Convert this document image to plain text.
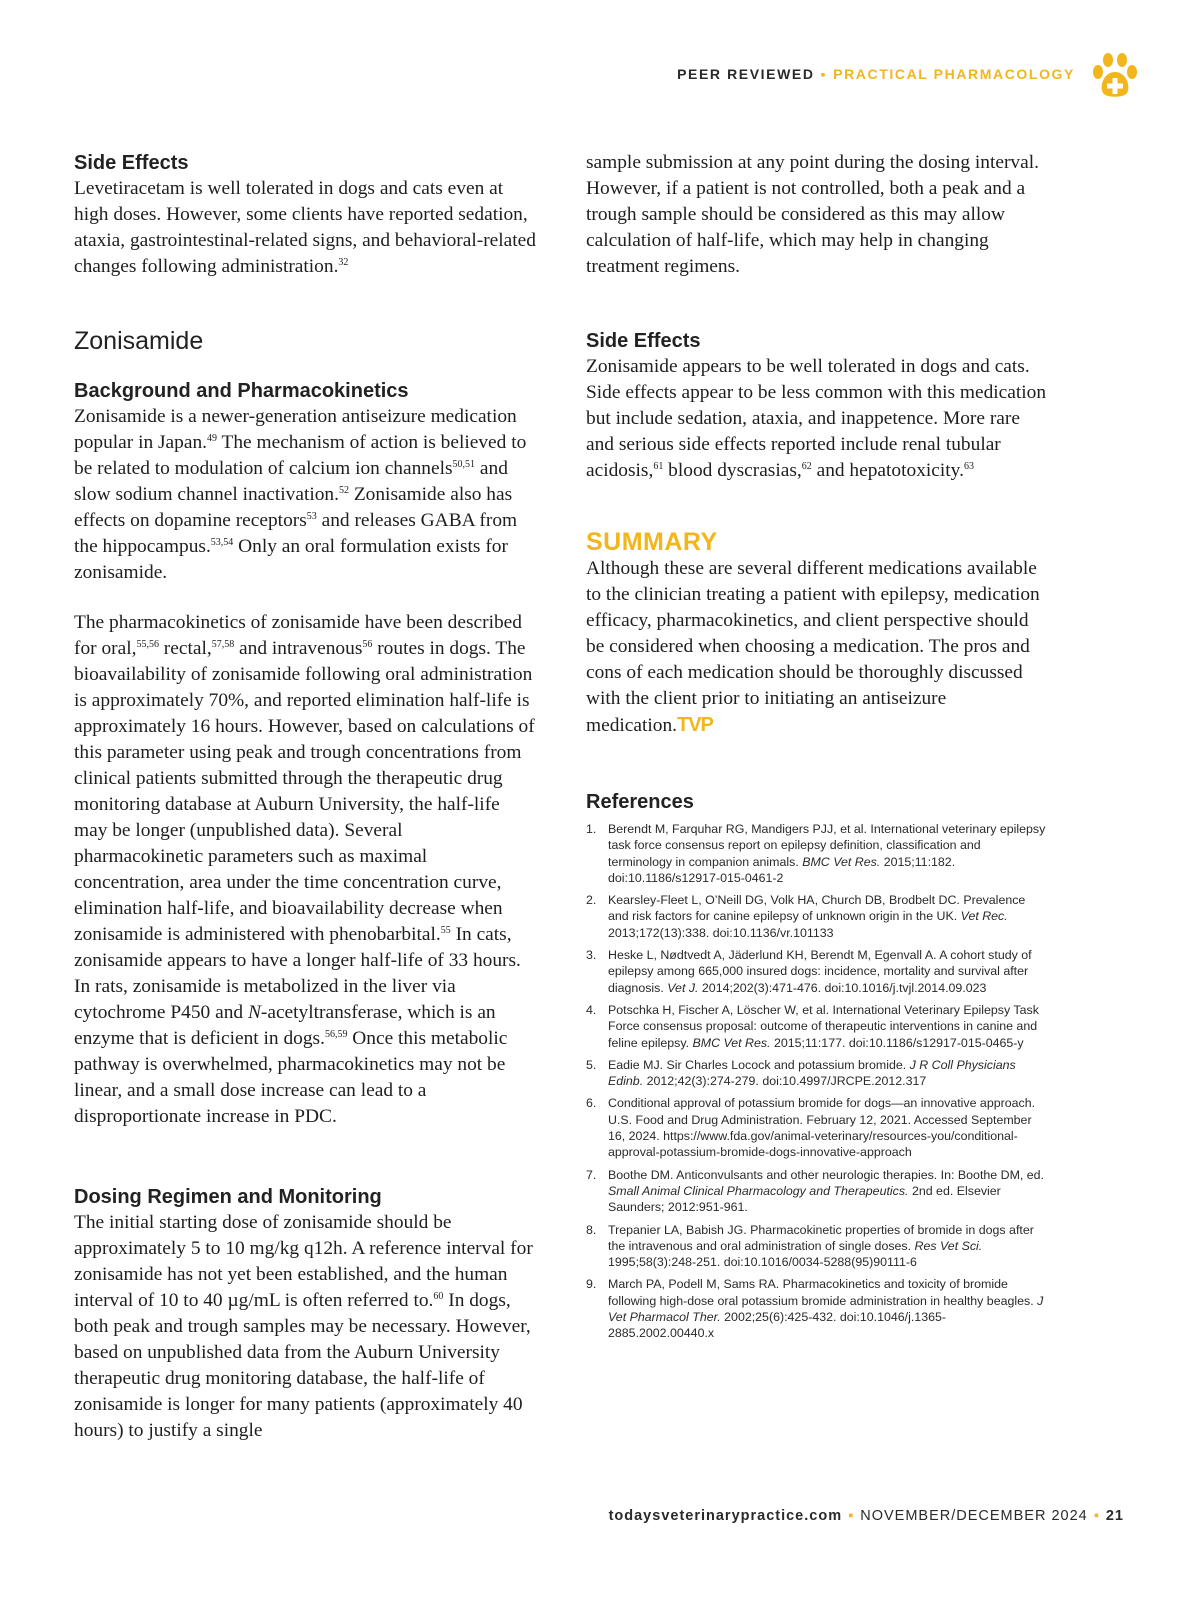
PEER REVIEWED ▪ PRACTICAL PHARMACOLOGY
Side Effects

Levetiracetam is well tolerated in dogs and cats even at high doses. However, some clients have reported sedation, ataxia, gastrointestinal-related signs, and behavioral-related changes following administration.$^{32}$

Zonisamide
Background and Pharmacokinetics

Zonisamide is a newer-generation antiseizure medication popular in Japan.$^{49}$ The mechanism of action is believed to be related to modulation of calcium ion channels$^{50,51}$ and slow sodium channel inactivation.$^{52}$ Zonisamide also has effects on dopamine receptors$^{53}$ and releases GABA from the hippocampus.$^{53,54}$ Only an oral formulation exists for zonisamide.

The pharmacokinetics of zonisamide have been described for oral,$^{55,56}$ rectal,$^{57,58}$ and intravenous$^{56}$ routes in dogs. The bioavailability of zonisamide following oral administration is approximately 70%, and reported elimination half-life is approximately 16 hours. However, based on calculations of this parameter using peak and trough concentrations from clinical patients submitted through the therapeutic drug monitoring database at Auburn University, the half-life may be longer (unpublished data). Several pharmacokinetic parameters such as maximal concentration, area under the time concentration curve, elimination half-life, and bioavailability decrease when zonisamide is administered with phenobarbital.$^{55}$ In cats, zonisamide appears to have a longer half-life of 33 hours. In rats, zonisamide is metabolized in the liver via cytochrome P450 and N-acetyltransferase, which is an enzyme that is deficient in dogs.$^{56,59}$ Once this metabolic pathway is overwhelmed, pharmacokinetics may not be linear, and a small dose increase can lead to a disproportionate increase in PDC.

Dosing Regimen and Monitoring

The initial starting dose of zonisamide should be approximately 5 to 10 mg/kg q12h. A reference interval for zonisamide has not yet been established, and the human interval of 10 to 40 µg/mL is often referred to.$^{60}$ In dogs, both peak and trough samples may be necessary. However, based on unpublished data from the Auburn University therapeutic drug monitoring database, the half-life of zonisamide is longer for many patients (approximately 40 hours) to justify a single

sample submission at any point during the dosing interval. However, if a patient is not controlled, both a peak and a trough sample should be considered as this may allow calculation of half-life, which may help in changing treatment regimens.

Side Effects

Zonisamide appears to be well tolerated in dogs and cats. Side effects appear to be less common with this medication but include sedation, ataxia, and inappetence. More rare and serious side effects reported include renal tubular acidosis,$^{61}$ blood dyscrasias,$^{62}$ and hepatotoxicity.$^{63}$

SUMMARY

Although these are several different medications available to the clinician treating a patient with epilepsy, medication efficacy, pharmacokinetics, and client perspective should be considered when choosing a medication. The pros and cons of each medication should be thoroughly discussed with the client prior to initiating an antiseizure medication.TVP

References
1. Berendt M, Farquhar RG, Mandigers PJJ, et al. International veterinary epilepsy task force consensus report on epilepsy definition, classification and terminology in companion animals. BMC Vet Res. 2015;11:182. doi:10.1186/s12917-015-0461-2
2. Kearsley-Fleet L, O’Neill DG, Volk HA, Church DB, Brodbelt DC. Prevalence and risk factors for canine epilepsy of unknown origin in the UK. Vet Rec. 2013;172(13):338. doi:10.1136/vr.101133
3. Heske L, Nødtvedt A, Jäderlund KH, Berendt M, Egenvall A. A cohort study of epilepsy among 665,000 insured dogs: incidence, mortality and survival after diagnosis. Vet J. 2014;202(3):471-476. doi:10.1016/j.tvjl.2014.09.023
4. Potschka H, Fischer A, Löscher W, et al. International Veterinary Epilepsy Task Force consensus proposal: outcome of therapeutic interventions in canine and feline epilepsy. BMC Vet Res. 2015;11:177. doi:10.1186/s12917-015-0465-y
5. Eadie MJ. Sir Charles Locock and potassium bromide. J R Coll Physicians Edinb. 2012;42(3):274-279. doi:10.4997/JRCPE.2012.317
6. Conditional approval of potassium bromide for dogs—an innovative approach. U.S. Food and Drug Administration. February 12, 2021. Accessed September 16, 2024. https://www.fda.gov/animal-veterinary/resources-you/conditional-approval-potassium-bromide-dogs-innovative-approach
7. Boothe DM. Anticonvulsants and other neurologic therapies. In: Boothe DM, ed. Small Animal Clinical Pharmacology and Therapeutics. 2nd ed. Elsevier Saunders; 2012:951-961.
8. Trepanier LA, Babish JG. Pharmacokinetic properties of bromide in dogs after the intravenous and oral administration of single doses. Res Vet Sci. 1995;58(3):248-251. doi:10.1016/0034-5288(95)90111-6
9. March PA, Podell M, Sams RA. Pharmacokinetics and toxicity of bromide following high-dose oral potassium bromide administration in healthy beagles. J Vet Pharmacol Ther. 2002;25(6):425-432. doi:10.1046/j.1365-2885.2002.00440.x
todaysveterinarypractice.com ▪ NOVEMBER/DECEMBER 2024 ▪ 21
